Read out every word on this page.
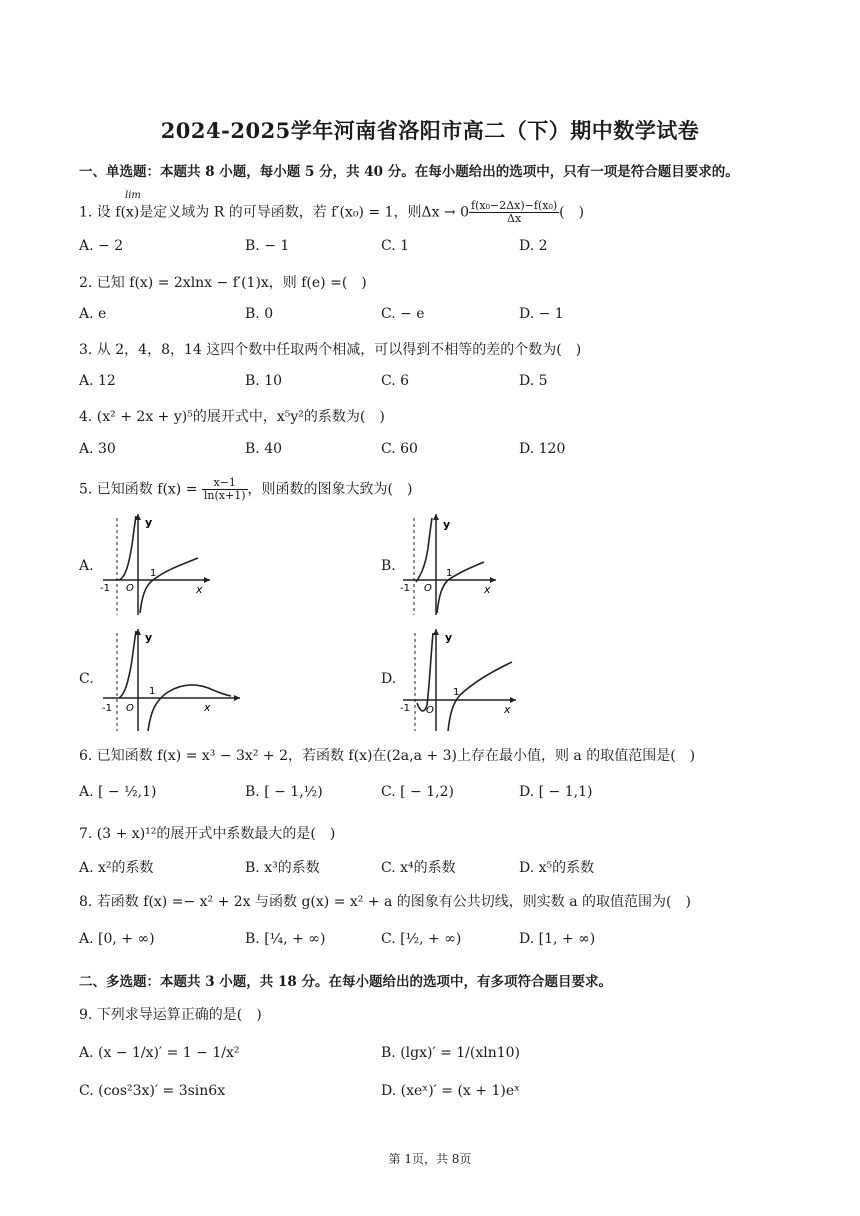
2024-2025学年河南省洛阳市高二（下）期中数学试卷
一、单选题：本题共 8 小题，每小题 5 分，共 40 分。在每小题给出的选项中，只有一项是符合题目要求的。
1. 设 f(x)是定义域为 R 的可导函数，若 f′(x₀) = 1，则$\Delta x \to 0 \frac{\text{f(x₀−2Δx)−f(x₀)}}{\Delta x}$ (　)
lim
A. − 2	B. − 1	C. 1	D. 2
2. 已知 f(x) = 2xlnx − f′(1)x，则 f(e) =(　)
A. e	B. 0	C. − e	D. − 1
3. 从 2，4，8，14 这四个数中任取两个相减，可以得到不相等的差的个数为(　)
A. 12	B. 10	C. 6	D. 5
4. (x² + 2x + y)⁵的展开式中，x⁵y²的系数为(　)
A. 30	B. 40	C. 60	D. 120
5. 已知函数 $f(x) = \frac{x-1}{\ln(x+1)}$ ，则函数的图象大致为(　)
A.	B.
C.	D.
y
x
O
1
-1
y
x
O
1
-1
y
x
O
1
-1
y
x
O
1
-1
6. 已知函数 f(x) = x³ − 3x² + 2，若函数 f(x)在(2a,a + 3)上存在最小值，则 a 的取值范围是(　)
A. [ − ½,1)	B. [ − 1,½)	C. [ − 1,2)	D. [ − 1,1)
7. (3 + x)¹²的展开式中系数最大的是(　)
A. x²的系数	B. x³的系数	C. x⁴的系数	D. x⁵的系数
8. 若函数 f(x) =− x² + 2x 与函数 g(x) = x² + a 的图象有公共切线，则实数 a 的取值范围为(　)
A. [0, + ∞)	B. [¼, + ∞)	C. [½, + ∞)	D. [1, + ∞)
二、多选题：本题共 3 小题，共 18 分。在每小题给出的选项中，有多项符合题目要求。
9. 下列求导运算正确的是(　)
A. (x − 1/x)′ = 1 − 1/x²	B. (lgx)′ = 1/(xln10)
C. (cos²3x)′ = 3sin6x	D. (xeˣ)′ = (x + 1)eˣ
第 1页，共 8页
